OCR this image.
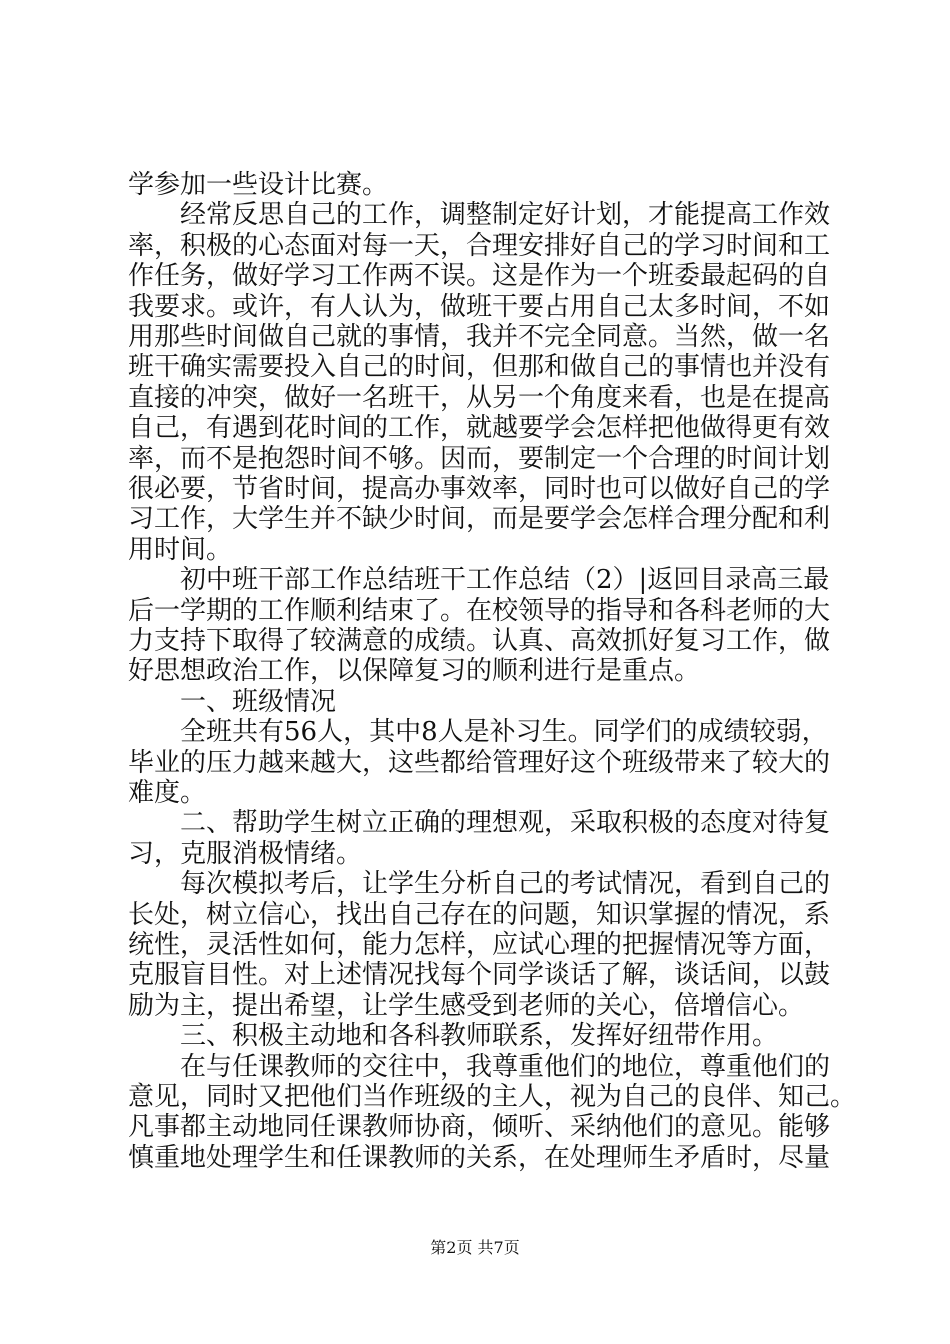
学参加一些设计比赛。
经常反思自己的工作，调整制定好计划，才能提高工作效
率，积极的心态面对每一天，合理安排好自己的学习时间和工
作任务，做好学习工作两不误。这是作为一个班委最起码的自
我要求。或许，有人认为，做班干要占用自己太多时间，不如
用那些时间做自己就的事情，我并不完全同意。当然，做一名
班干确实需要投入自己的时间，但那和做自己的事情也并没有
直接的冲突，做好一名班干，从另一个角度来看，也是在提高
自己，有遇到花时间的工作，就越要学会怎样把他做得更有效
率，而不是抱怨时间不够。因而，要制定一个合理的时间计划
很必要，节省时间，提高办事效率，同时也可以做好自己的学
习工作，大学生并不缺少时间，而是要学会怎样合理分配和利
用时间。
初中班干部工作总结班干工作总结（2）|返回目录高三最
后一学期的工作顺利结束了。在校领导的指导和各科老师的大
力支持下取得了较满意的成绩。认真、高效抓好复习工作，做
好思想政治工作，以保障复习的顺利进行是重点。
一、班级情况
全班共有56人，其中8人是补习生。同学们的成绩较弱，
毕业的压力越来越大，这些都给管理好这个班级带来了较大的
难度。
二、帮助学生树立正确的理想观，采取积极的态度对待复
习，克服消极情绪。
每次模拟考后，让学生分析自己的考试情况，看到自己的
长处，树立信心，找出自己存在的问题，知识掌握的情况，系
统性，灵活性如何，能力怎样，应试心理的把握情况等方面，
克服盲目性。对上述情况找每个同学谈话了解，谈话间，以鼓
励为主，提出希望，让学生感受到老师的关心，倍增信心。
三、积极主动地和各科教师联系，发挥好纽带作用。
在与任课教师的交往中，我尊重他们的地位，尊重他们的
意见，同时又把他们当作班级的主人，视为自己的良伴、知己。
凡事都主动地同任课教师协商，倾听、采纳他们的意见。能够
慎重地处理学生和任课教师的关系，在处理师生矛盾时，尽量
第2页 共7页
